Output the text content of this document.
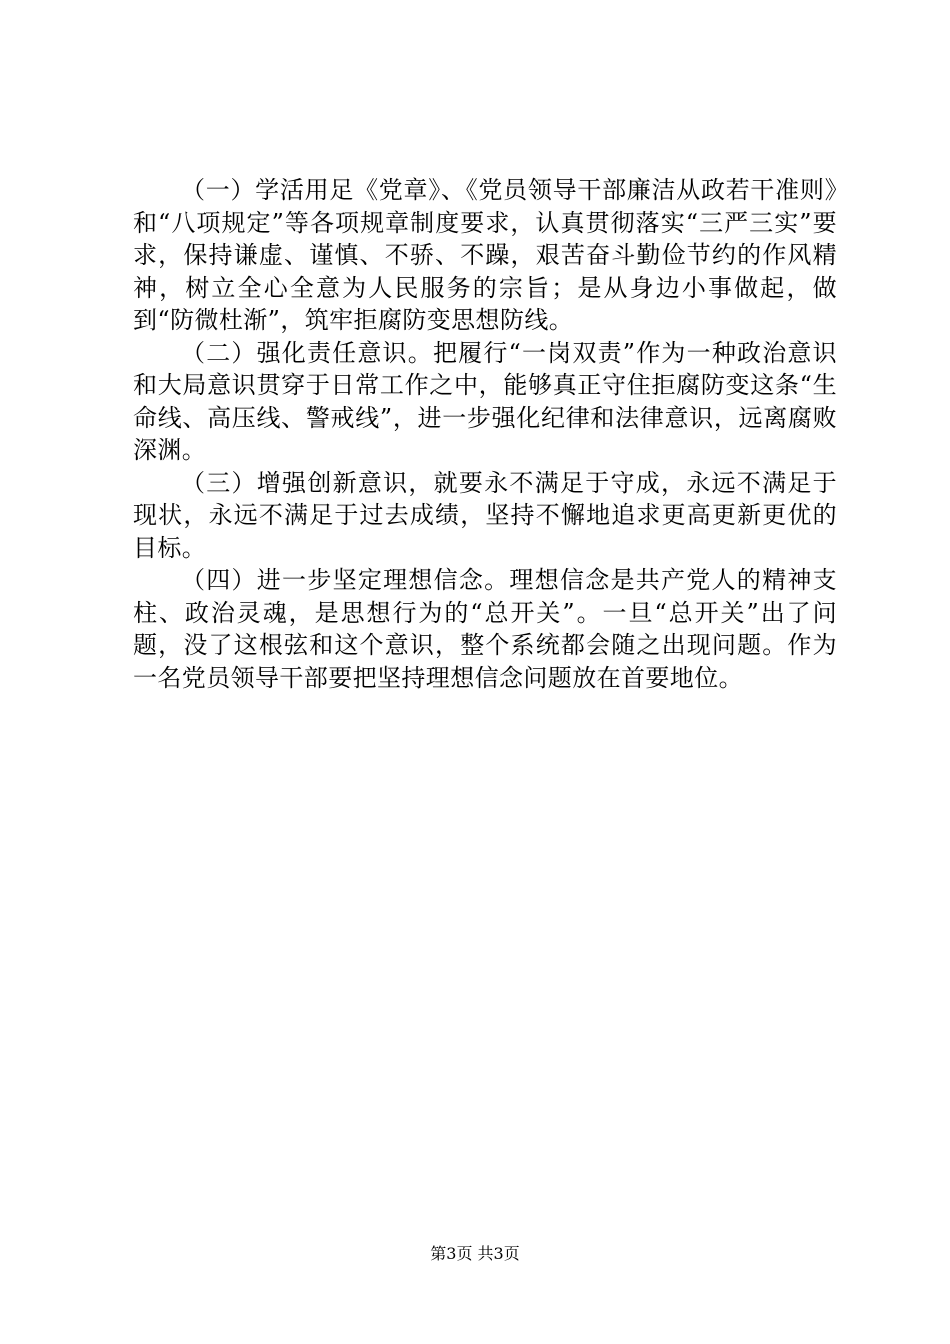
（一）学活用足《党章》、《党员领导干部廉洁从政若干准则》和“八项规定”等各项规章制度要求，认真贯彻落实“三严三实”要求，保持谦虚、谨慎、不骄、不躁，艰苦奋斗勤俭节约的作风精神，树立全心全意为人民服务的宗旨；是从身边小事做起，做到“防微杜渐”，筑牢拒腐防变思想防线。

（二）强化责任意识。把履行“一岗双责”作为一种政治意识和大局意识贯穿于日常工作之中，能够真正守住拒腐防变这条“生命线、高压线、警戒线”，进一步强化纪律和法律意识，远离腐败深渊。

（三）增强创新意识，就要永不满足于守成，永远不满足于现状，永远不满足于过去成绩，坚持不懈地追求更高更新更优的目标。

（四）进一步坚定理想信念。理想信念是共产党人的精神支柱、政治灵魂，是思想行为的“总开关”。一旦“总开关”出了问题，没了这根弦和这个意识，整个系统都会随之出现问题。作为一名党员领导干部要把坚持理想信念问题放在首要地位。

第3页 共3页
